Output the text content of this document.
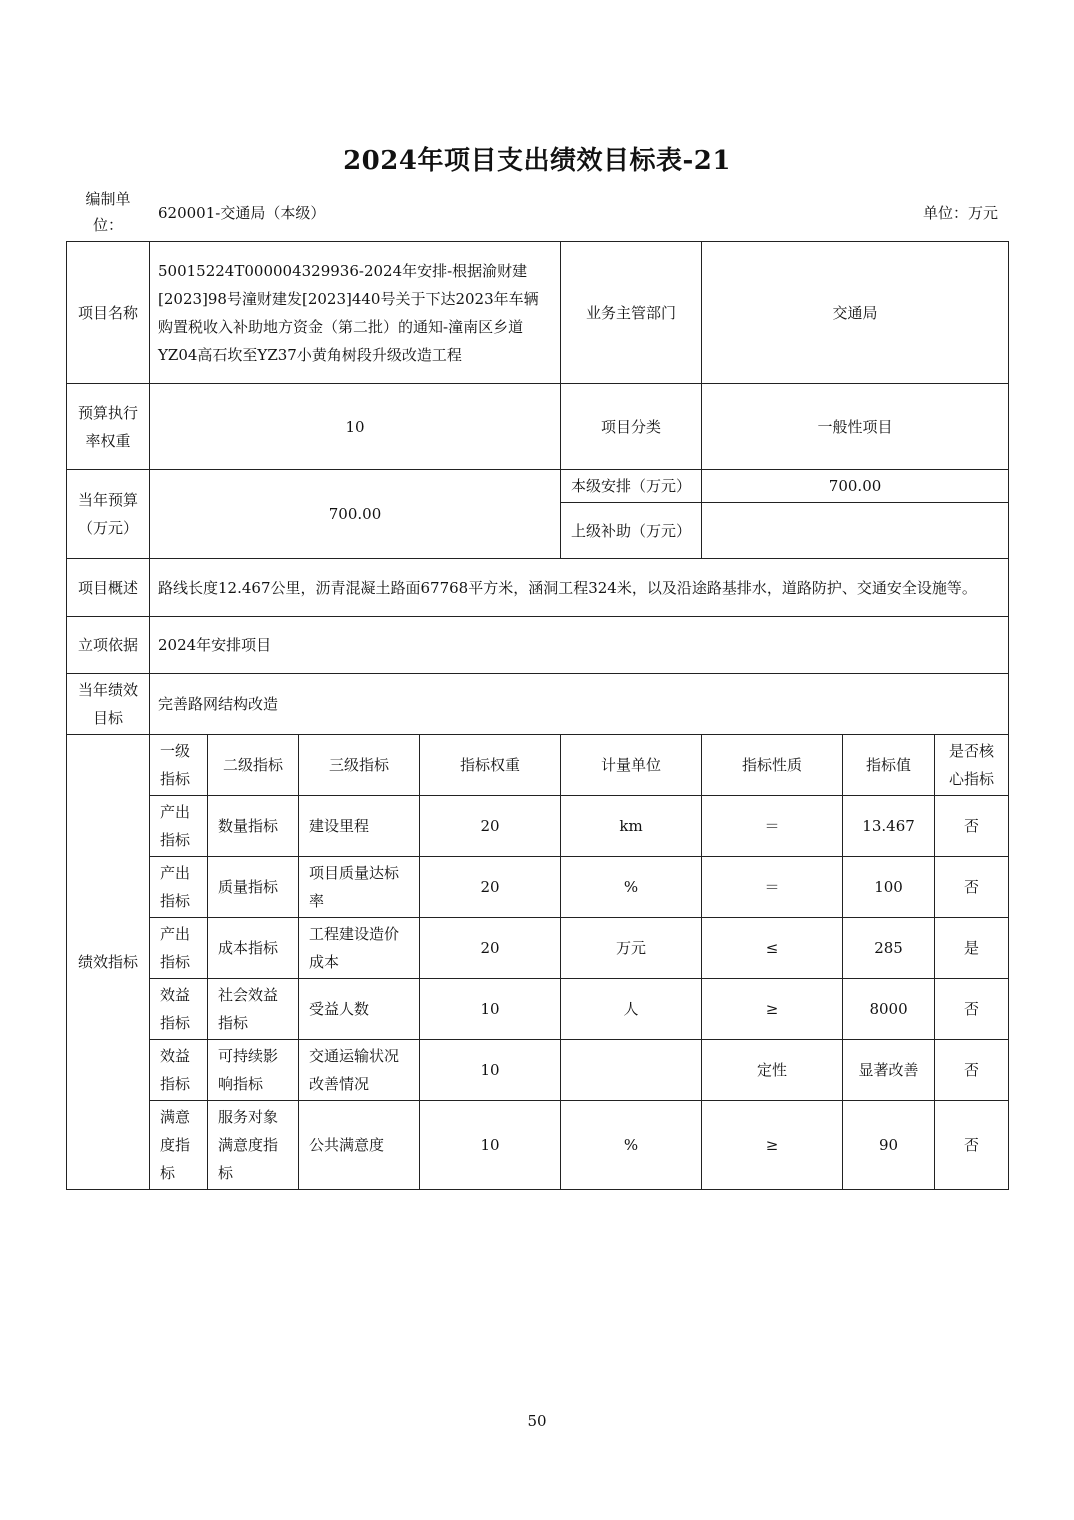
2024年项目支出绩效目标表-21
编制单位：
620001-交通局（本级）	单位：万元
项目名称	50015224T000004329936-2024年安排-根据渝财建[2023]98号潼财建发[2023]440号关于下达2023年车辆购置税收入补助地方资金（第二批）的通知-潼南区乡道YZ04高石坎至YZ37小黄角树段升级改造工程				业务主管部门	交通局		
预算执行率权重	10				项目分类	一般性项目		
当年预算（万元）	700.00				本级安排（万元）	700.00		
					上级补助（万元）			
项目概述	路线长度12.467公里，沥青混凝土路面67768平方米，涵洞工程324米，以及沿途路基排水，道路防护、交通安全设施等。							
立项依据	2024年安排项目							
当年绩效目标	完善路网结构改造							
绩效指标	一级指标	二级指标	三级指标	指标权重	计量单位	指标性质	指标值	是否核心指标
	产出指标	数量指标	建设里程	20	km	＝	13.467	否
	产出指标	质量指标	项目质量达标率	20	%	＝	100	否
	产出指标	成本指标	工程建设造价成本	20	万元	≤	285	是
	效益指标	社会效益指标	受益人数	10	人	≥	8000	否
	效益指标	可持续影响指标	交通运输状况改善情况	10		定性	显著改善	否
	满意度指标	服务对象满意度指标	公共满意度	10	%	≥	90	否
50
